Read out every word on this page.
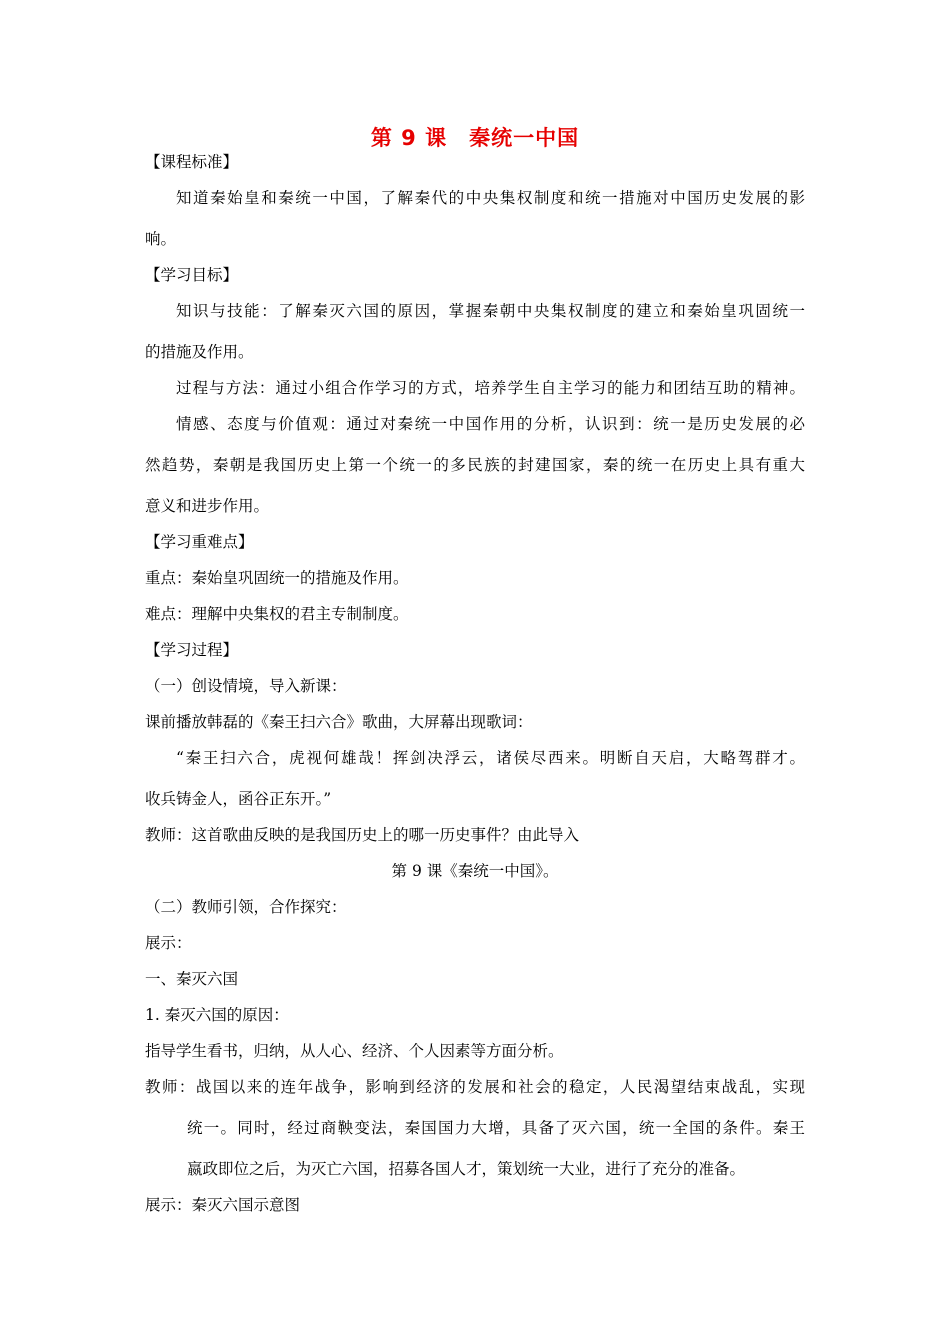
第 9 课　秦统一中国
【课程标准】
知道秦始皇和秦统一中国，了解秦代的中央集权制度和统一措施对中国历史发展的影
响。
【学习目标】
知识与技能：了解秦灭六国的原因，掌握秦朝中央集权制度的建立和秦始皇巩固统一
的措施及作用。
过程与方法：通过小组合作学习的方式，培养学生自主学习的能力和团结互助的精神。
情感、态度与价值观：通过对秦统一中国作用的分析，认识到：统一是历史发展的必
然趋势，秦朝是我国历史上第一个统一的多民族的封建国家，秦的统一在历史上具有重大
意义和进步作用。
【学习重难点】
重点：秦始皇巩固统一的措施及作用。
难点：理解中央集权的君主专制制度。
【学习过程】
（一）创设情境，导入新课：
课前播放韩磊的《秦王扫六合》歌曲，大屏幕出现歌词：
“秦王扫六合，虎视何雄哉！挥剑决浮云，诸侯尽西来。明断自天启，大略驾群才。
收兵铸金人，函谷正东开。”
教师：这首歌曲反映的是我国历史上的哪一历史事件？由此导入
第 9 课《秦统一中国》。
（二）教师引领，合作探究：
展示：
一、秦灭六国
1. 秦灭六国的原因：
指导学生看书，归纳，从人心、经济、个人因素等方面分析。
教师：战国以来的连年战争，影响到经济的发展和社会的稳定，人民渴望结束战乱，实现
统一。同时，经过商鞅变法，秦国国力大增，具备了灭六国，统一全国的条件。秦王
嬴政即位之后，为灭亡六国，招募各国人才，策划统一大业，进行了充分的准备。
展示：秦灭六国示意图
